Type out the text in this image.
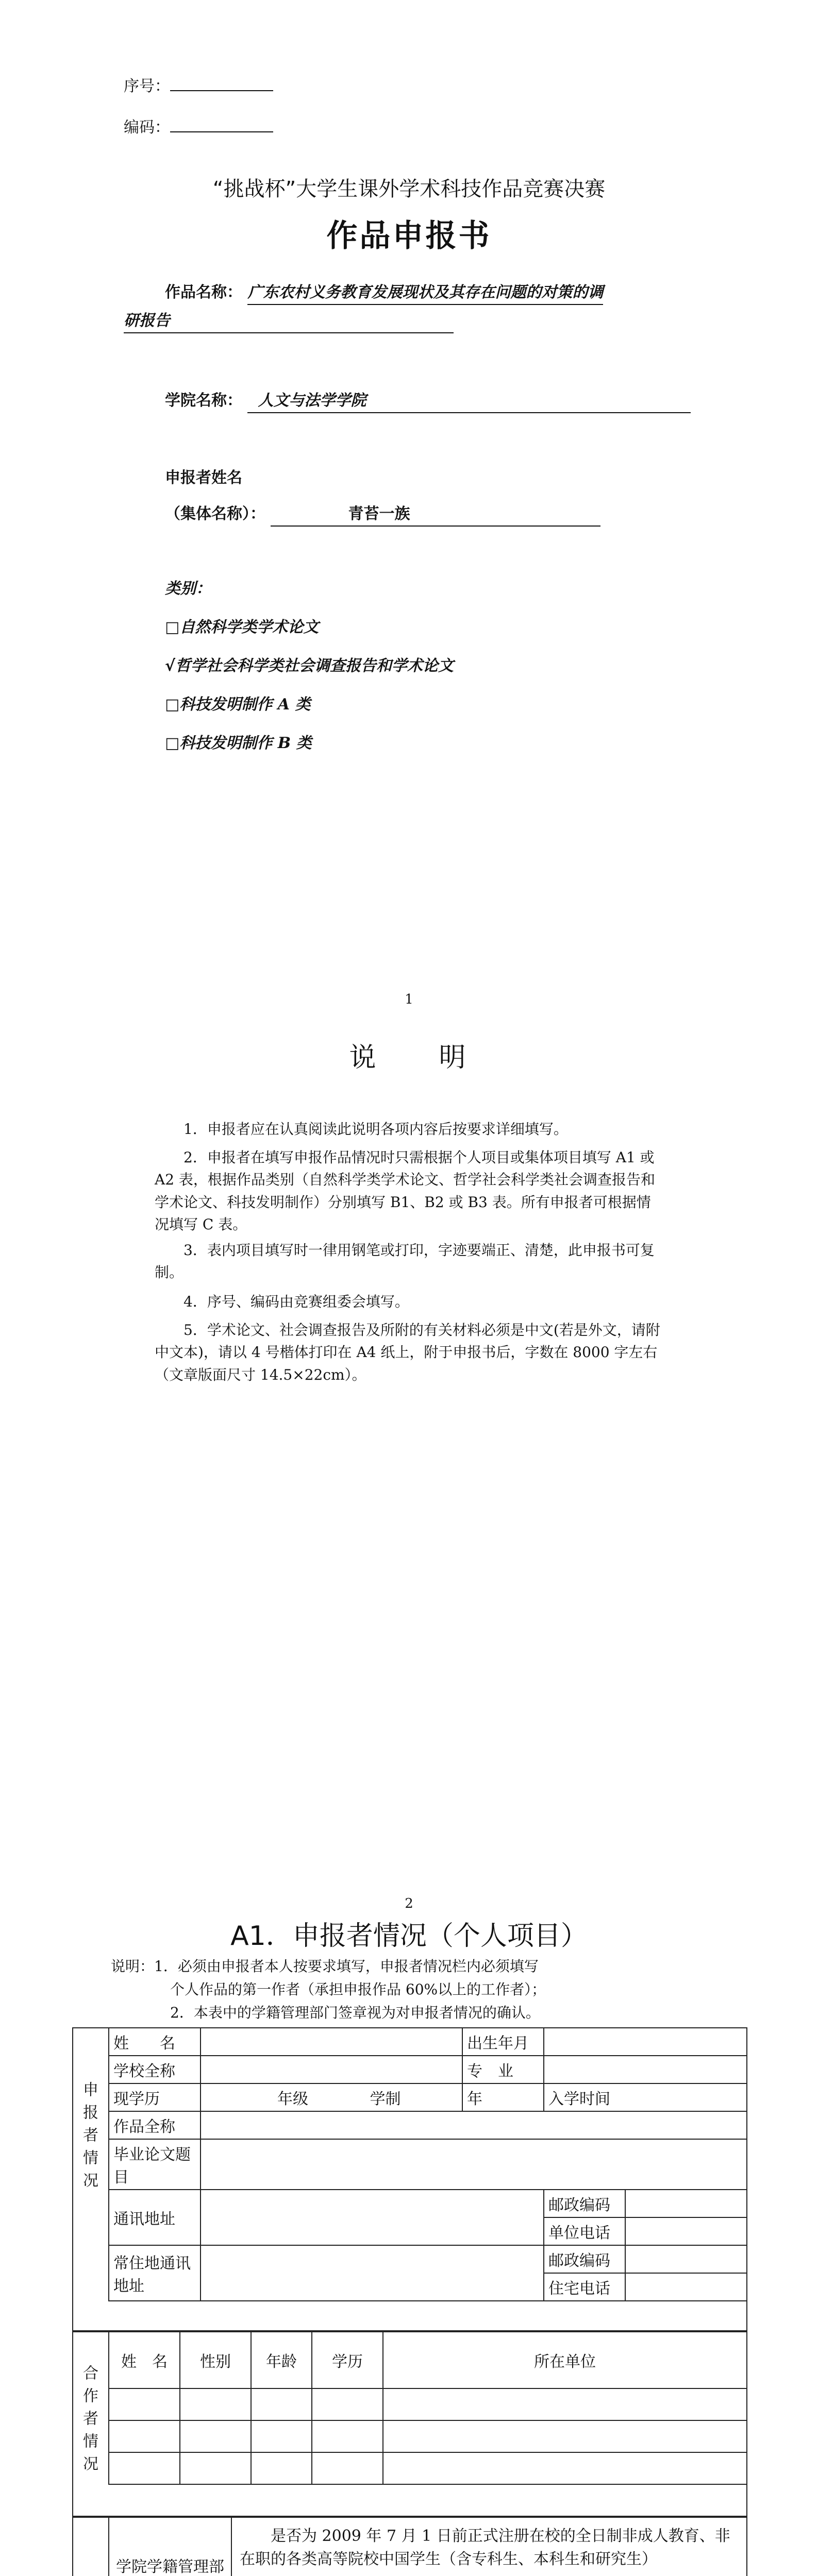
序号：
编码：
“挑战杯”大学生课外学术科技作品竞赛决赛
作品申报书
作品名称： 广东农村义务教育发展现状及其存在问题的对策的调
研报告
学院名称： 人文与法学学院
申报者姓名
（集体名称）：	青苔一族
类别：
□自然科学类学术论文
√哲学社会科学类社会调查报告和学术论文
□科技发明制作 A 类
□科技发明制作 B 类
1
说　　明
1．申报者应在认真阅读此说明各项内容后按要求详细填写。
2．申报者在填写申报作品情况时只需根据个人项目或集体项目填写 A1 或 A2 表，根据作品类别（自然科学类学术论文、哲学社会科学类社会调查报告和学术论文、科技发明制作）分别填写 B1、B2 或 B3 表。所有申报者可根据情况填写 C 表。
3．表内项目填写时一律用钢笔或打印，字迹要端正、清楚，此申报书可复制。
4．序号、编码由竞赛组委会填写。
5．学术论文、社会调查报告及所附的有关材料必须是中文(若是外文，请附中文本)，请以 4 号楷体打印在 A4 纸上，附于申报书后，字数在 8000 字左右（文章版面尺寸 14.5×22cm）。
2
A1．申报者情况（个人项目）
说明：1．必须由申报者本人按要求填写，申报者情况栏内必须填写
个人作品的第一作者（承担申报作品 60%以上的工作者）；
2．本表中的学籍管理部门签章视为对申报者情况的确认。
申报者情况
姓　　名		出生年月		
学校全称		专　业		
现学历	年级 学制	年	入学时间	
作品全称				
毕业论文题目				
通讯地址			邮政编码	
			单位电话	
常住地通讯地址			邮政编码	
			住宅电话	
合作者情况
姓　名	性别	年龄	学历	所在单位

学院学籍管理部
是否为 2009 年 7 月 1 日前正式注册在校的全日制非成人教育、非在职的各类高等院校中国学生（含专科生、本科生和研究生）
